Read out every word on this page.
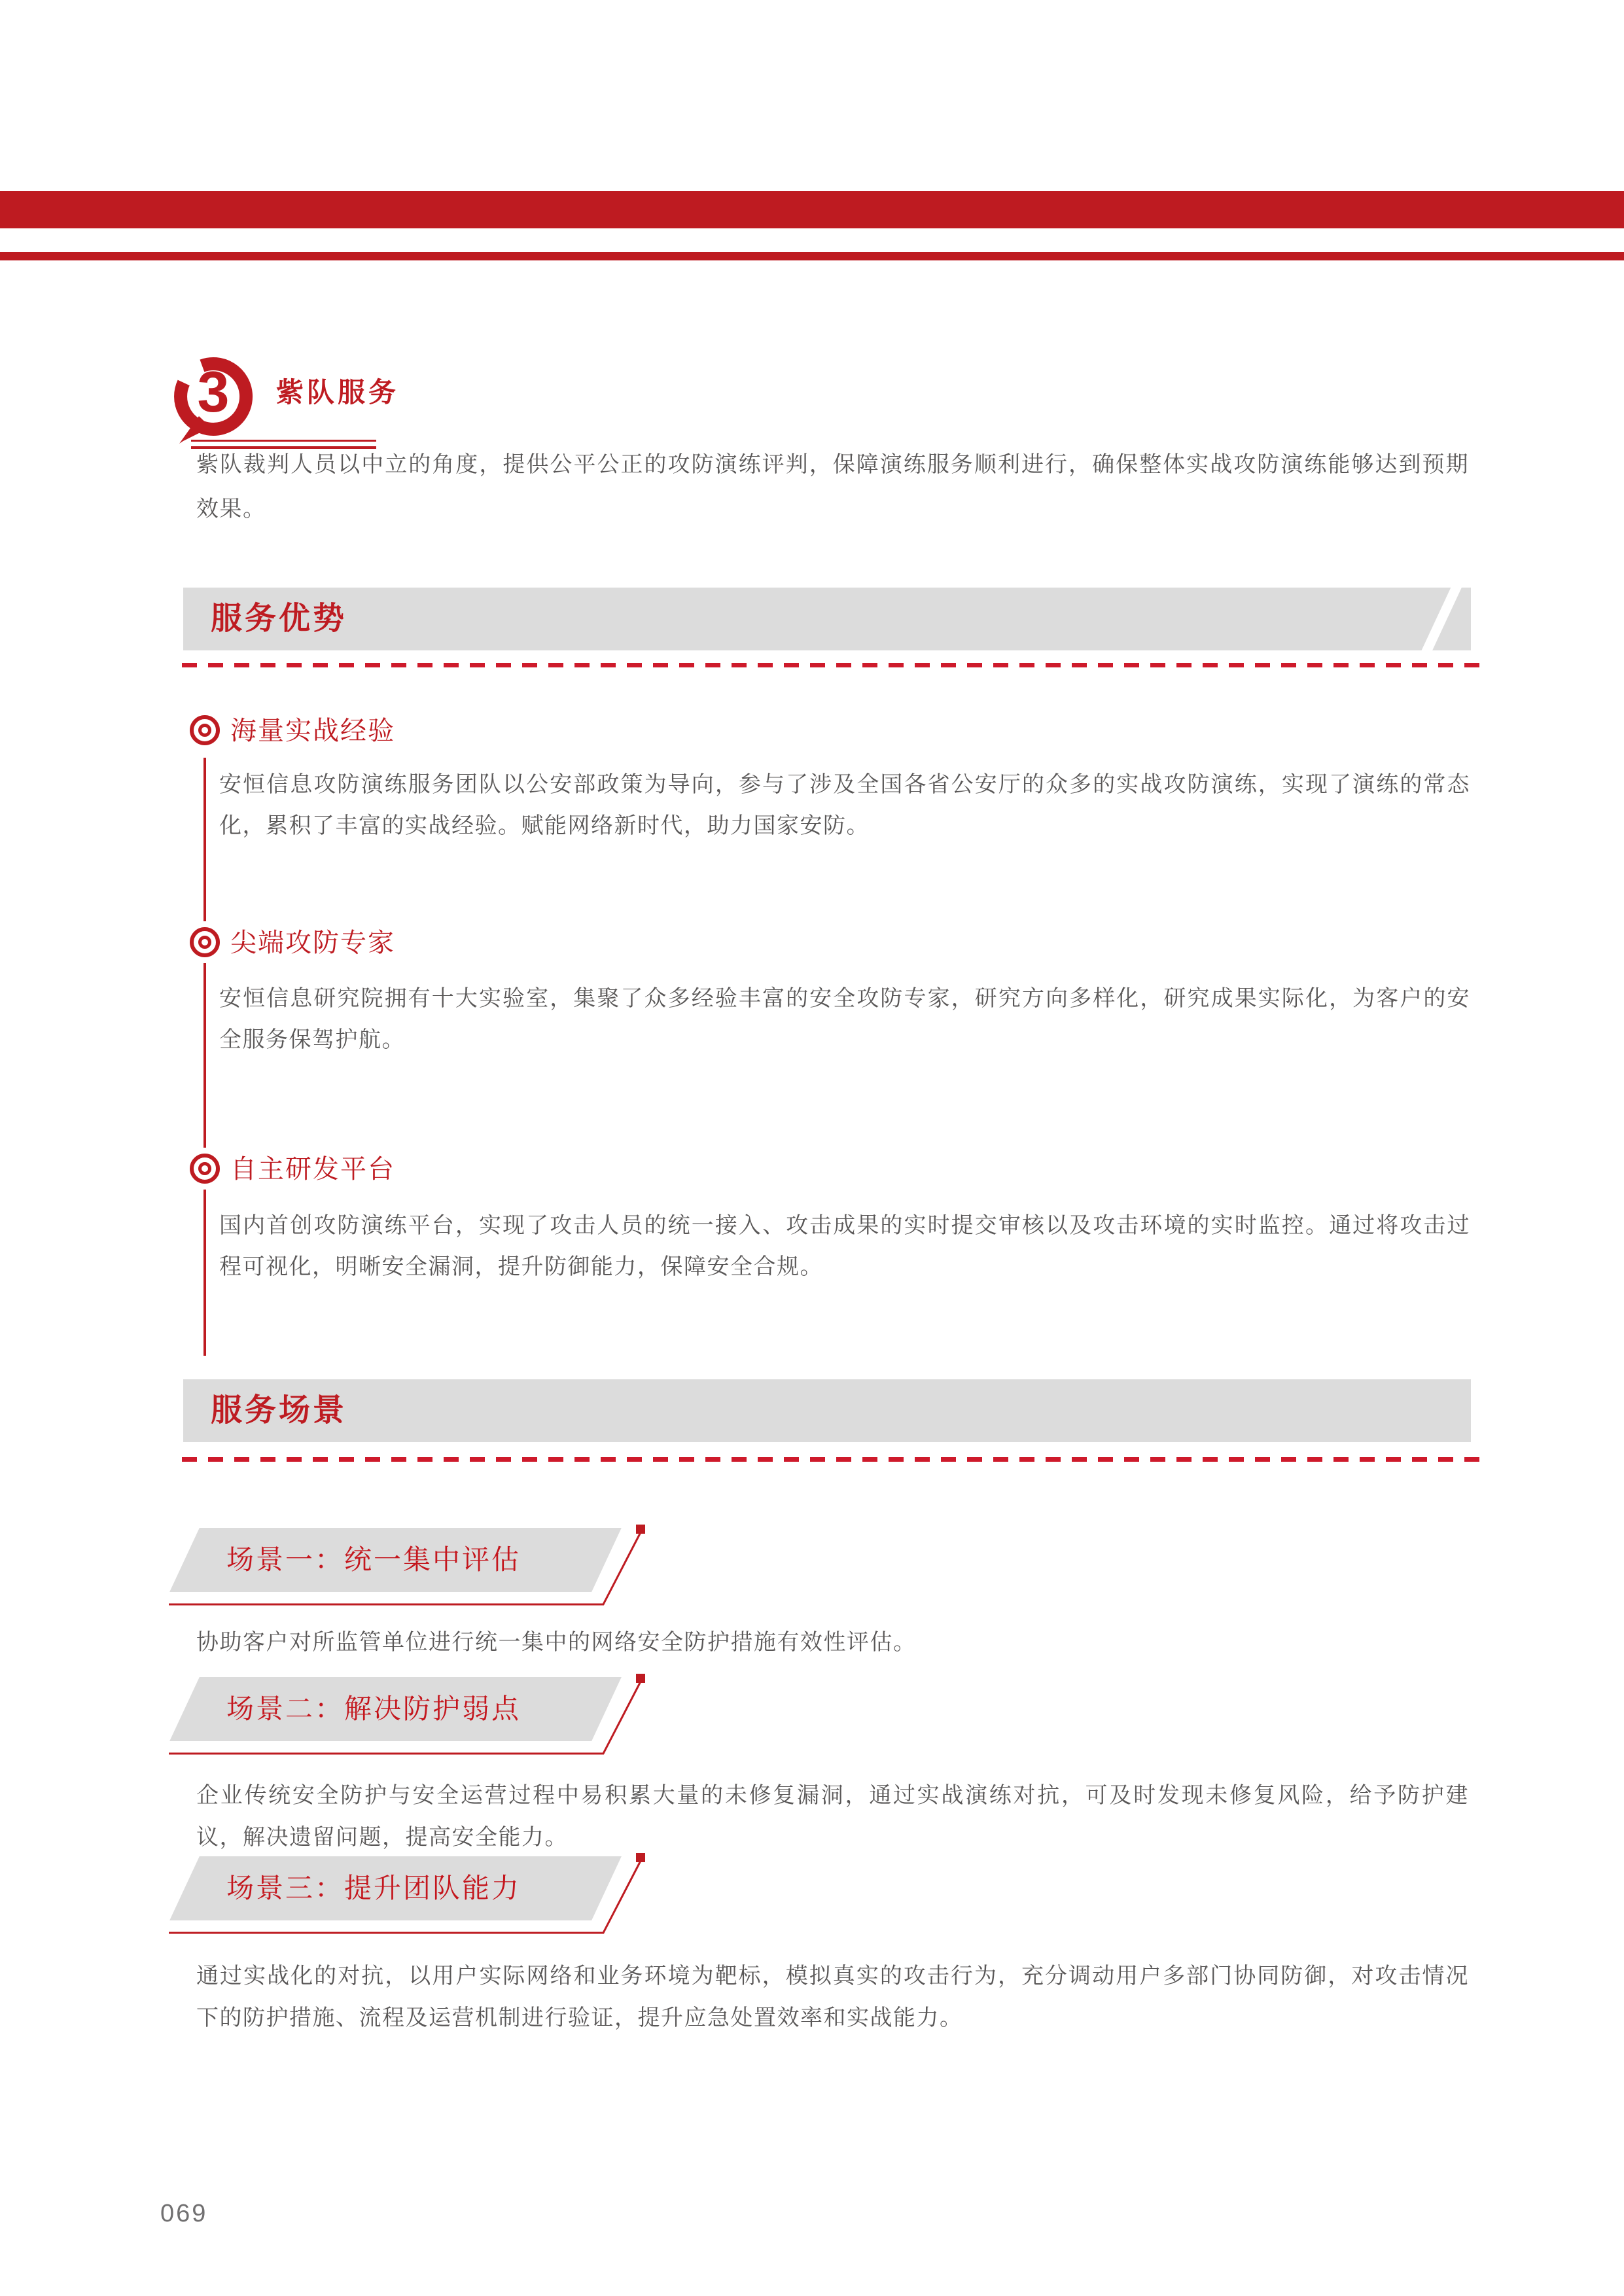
3	紫队服务
紫队裁判人员以中立的角度，提供公平公正的攻防演练评判，保障演练服务顺利进行，确保整体实战攻防演练能够达到预期效果。
服务优势
海量实战经验
安恒信息攻防演练服务团队以公安部政策为导向，参与了涉及全国各省公安厅的众多的实战攻防演练，实现了演练的常态化，累积了丰富的实战经验。赋能网络新时代，助力国家安防。
尖端攻防专家
安恒信息研究院拥有十大实验室，集聚了众多经验丰富的安全攻防专家，研究方向多样化，研究成果实际化，为客户的安全服务保驾护航。
自主研发平台
国内首创攻防演练平台，实现了攻击人员的统一接入、攻击成果的实时提交审核以及攻击环境的实时监控。通过将攻击过程可视化，明晰安全漏洞，提升防御能力，保障安全合规。
服务场景
场景一：统一集中评估
协助客户对所监管单位进行统一集中的网络安全防护措施有效性评估。
场景二：解决防护弱点
企业传统安全防护与安全运营过程中易积累大量的未修复漏洞，通过实战演练对抗，可及时发现未修复风险，给予防护建议，解决遗留问题，提高安全能力。
场景三：提升团队能力
通过实战化的对抗，以用户实际网络和业务环境为靶标，模拟真实的攻击行为，充分调动用户多部门协同防御，对攻击情况下的防护措施、流程及运营机制进行验证，提升应急处置效率和实战能力。
069
